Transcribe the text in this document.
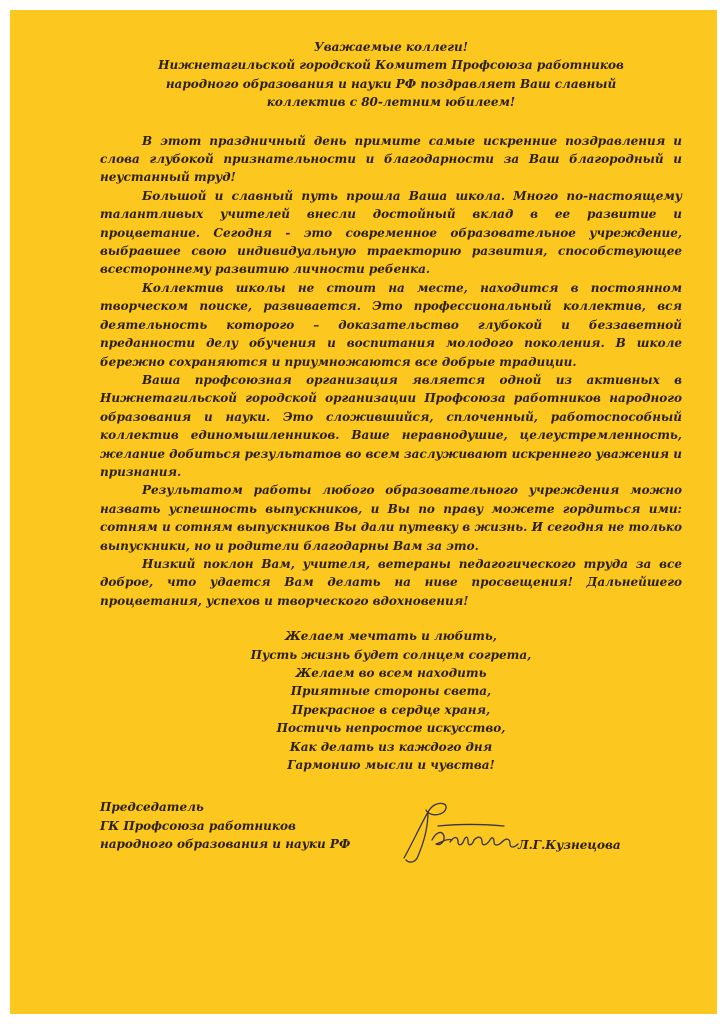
Уважаемые коллеги!
Нижнетагильской городской Комитет Профсоюза работников
народного образования и науки РФ поздравляет Ваш славный
коллектив с 80-летним юбилеем!

В этот праздничный день примите самые искренние поздравления и слова глубокой признательности и благодарности за Ваш благородный и неустанный труд!

Большой и славный путь прошла Ваша школа. Много по-настоящему талантливых учителей внесли достойный вклад в ее развитие и процветание. Сегодня - это современное образовательное учреждение, выбравшее свою индивидуальную траекторию развития, способствующее всестороннему развитию личности ребенка.

Коллектив школы не стоит на месте, находится в постоянном творческом поиске, развивается. Это профессиональный коллектив, вся деятельность которого – доказательство глубокой и беззаветной преданности делу обучения и воспитания молодого поколения. В школе бережно сохраняются и приумножаются все добрые традиции.

Ваша профсоюзная организация является одной из активных в Нижнетагильской городской организации Профсоюза работников народного образования и науки. Это сложившийся, сплоченный, работоспособный коллектив единомышленников. Ваше неравнодушие, целеустремленность, желание добиться результатов во всем заслуживают искреннего уважения и признания.

Результатом работы любого образовательного учреждения можно назвать успешность выпускников, и Вы по праву можете гордиться ими: сотням и сотням выпускников Вы дали путевку в жизнь. И сегодня не только выпускники, но и родители благодарны Вам за это.

Низкий поклон Вам, учителя, ветераны педагогического труда за все доброе, что удается Вам делать на ниве просвещения! Дальнейшего процветания, успехов и творческого вдохновения!

Желаем мечтать и любить,
Пусть жизнь будет солнцем согрета,
Желаем во всем находить
Приятные стороны света,
Прекрасное в сердце храня,
Постичь непростое искусство,
Как делать из каждого дня
Гармонию мысли и чувства!
Председатель
ГК Профсоюза работников
народного образования и науки РФ	Л.Г.Кузнецова
